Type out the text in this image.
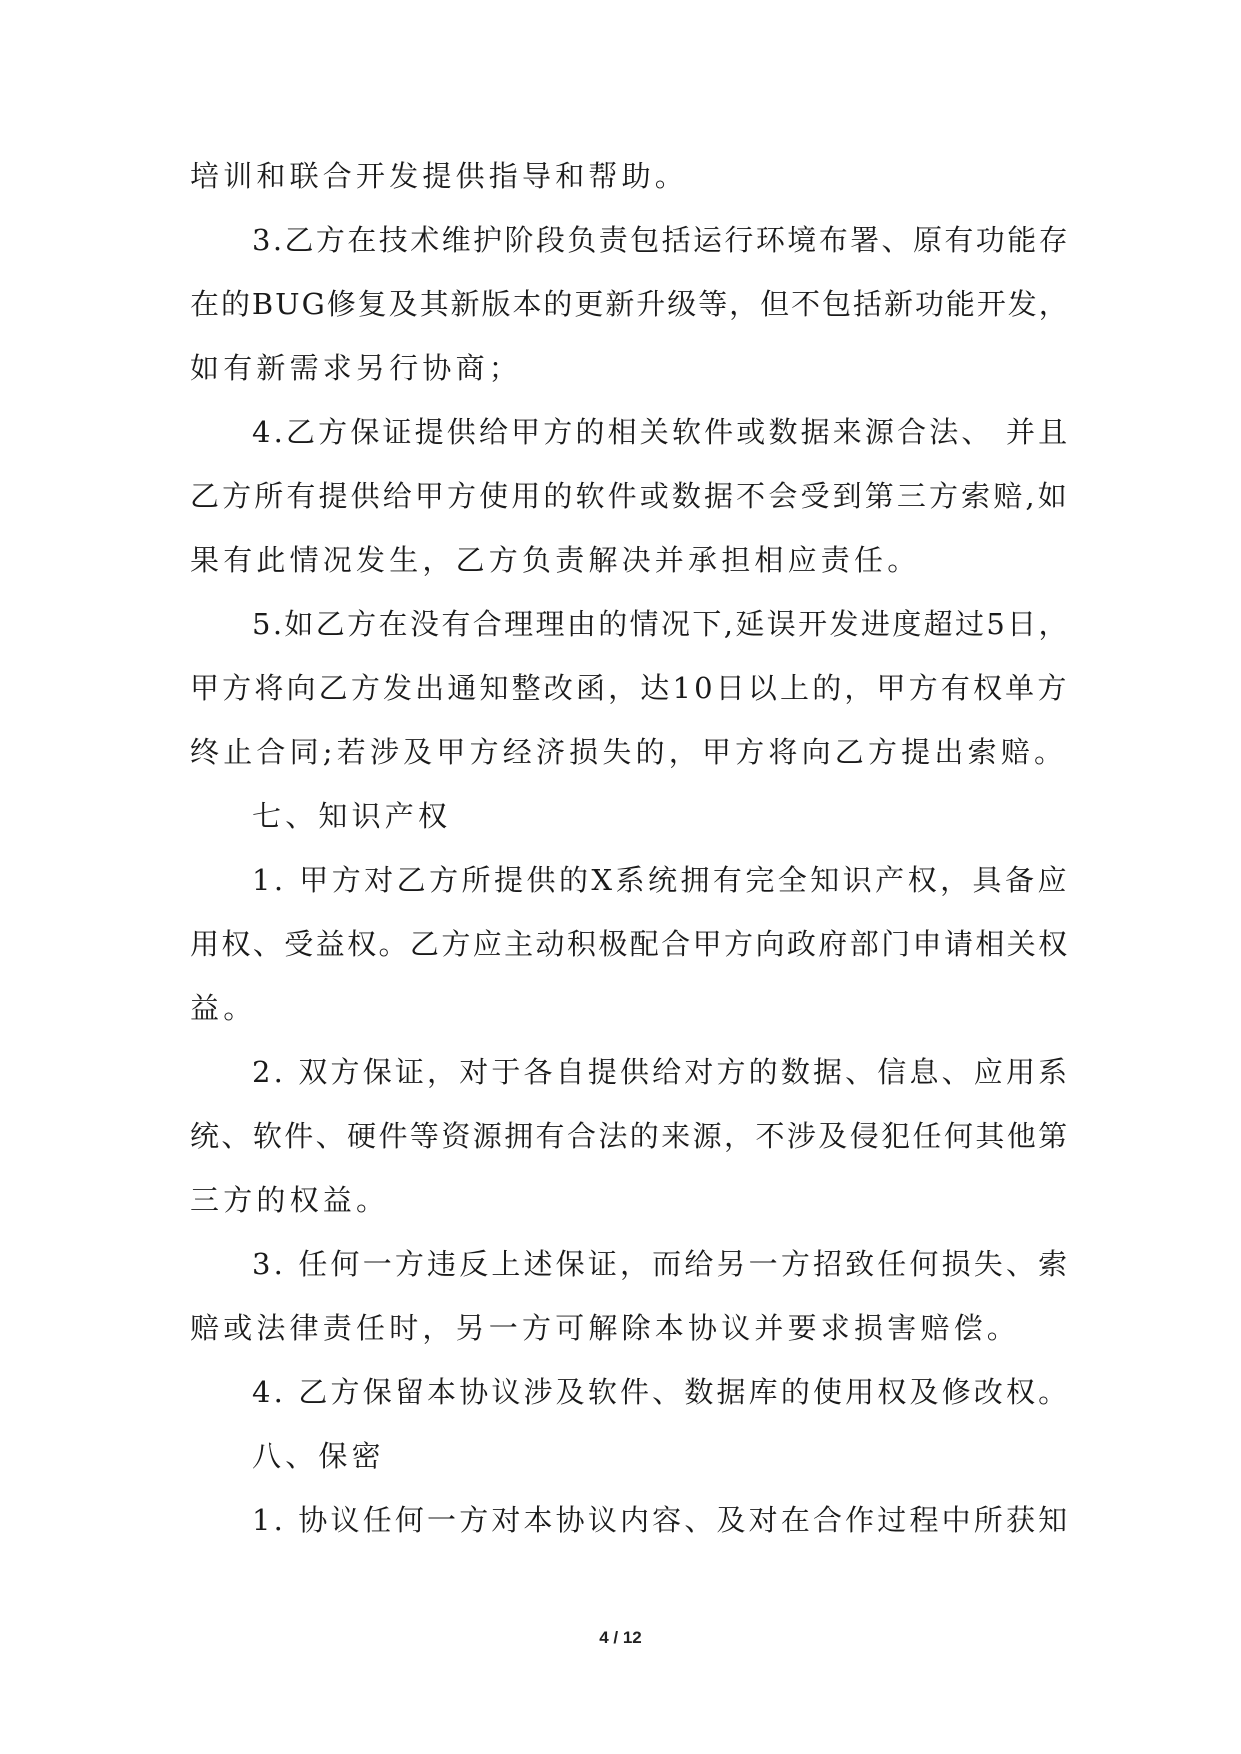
培训和联合开发提供指导和帮助。
3.乙方在技术维护阶段负责包括运行环境布署、原有功能存
在的BUG修复及其新版本的更新升级等，但不包括新功能开发，
如有新需求另行协商；
4.乙方保证提供给甲方的相关软件或数据来源合法、 并且
乙方所有提供给甲方使用的软件或数据不会受到第三方索赔,如
果有此情况发生，乙方负责解决并承担相应责任。
5.如乙方在没有合理理由的情况下,延误开发进度超过5日，
甲方将向乙方发出通知整改函，达10日以上的，甲方有权单方
终止合同;若涉及甲方经济损失的，甲方将向乙方提出索赔。
七、知识产权
1. 甲方对乙方所提供的X系统拥有完全知识产权，具备应
用权、受益权。乙方应主动积极配合甲方向政府部门申请相关权
益。
2. 双方保证，对于各自提供给对方的数据、信息、应用系
统、软件、硬件等资源拥有合法的来源，不涉及侵犯任何其他第
三方的权益。
3. 任何一方违反上述保证，而给另一方招致任何损失、索
赔或法律责任时，另一方可解除本协议并要求损害赔偿。
4. 乙方保留本协议涉及软件、数据库的使用权及修改权。
八、保密
1. 协议任何一方对本协议内容、及对在合作过程中所获知
4 / 12
